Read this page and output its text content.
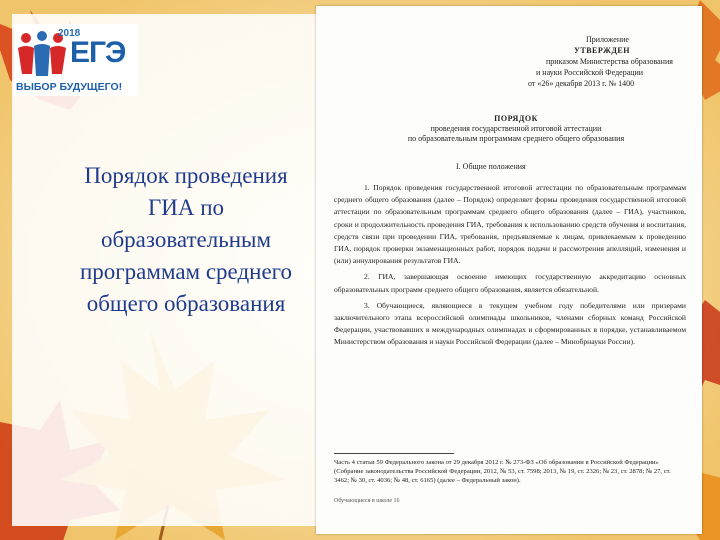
2018
ЕГЭ
ВЫБОР БУДУЩЕГО!
Порядок проведения
ГИА по
образовательным
программам среднего
общего образования
Приложение
УТВЕРЖДЕН
приказом Министерства образования
и науки Российской Федерации
от «26» декабря 2013 г. № 1400
ПОРЯДОК
проведения государственной итоговой аттестации
по образовательным программам среднего общего образования
I. Общие положения

1. Порядок проведения государственной итоговой аттестации по образовательным программам среднего общего образования (далее – Порядок) определяет формы проведения государственной итоговой аттестации по образовательным программам среднего общего образования (далее – ГИА), участников, сроки и продолжительность проведения ГИА, требования к использованию средств обучения и воспитания, средств связи при проведении ГИА, требования, предъявляемые к лицам, привлекаемым к проведению ГИА, порядок проверки экзаменационных работ, порядок подачи и рассмотрения апелляций, изменения и (или) аннулирования результатов ГИА.

2. ГИА, завершающая освоение имеющих государственную аккредитацию основных образовательных программ среднего общего образования, является обязательной.

3. Обучающиеся, являющиеся в текущем учебном году победителями или призерами заключительного этапа всероссийской олимпиады школьников, членами сборных команд Российской Федерации, участвовавших в международных олимпиадах и сформированных в порядке, устанавливаемом Министерством образования и науки Российской Федерации (далее – Минобрнауки России).

Часть 4 статьи 59 Федерального закона от 29 декабря 2012 г. № 273-ФЗ «Об образовании в Российской Федерации» (Собрание законодательства Российской Федерации, 2012, № 53, ст. 7598; 2013, № 19, ст. 2326; № 23, ст. 2878; № 27, ст. 3462; № 30, ст. 4036; № 48, ст. 6165) (далее – Федеральный закон).
Обучающиеся в школе 16
